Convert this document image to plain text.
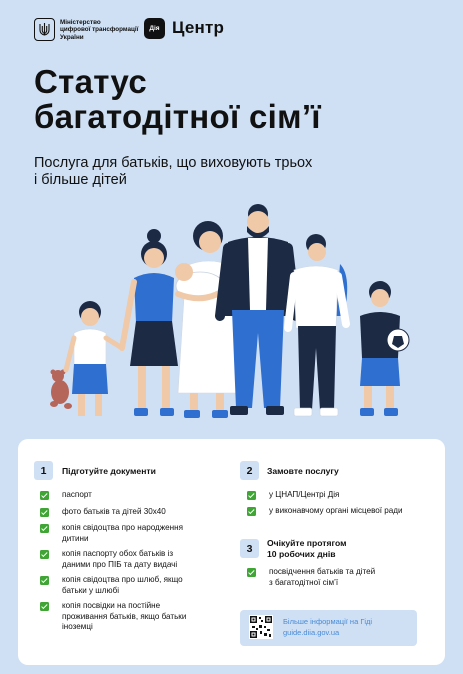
Міністерство
цифрової трансформації
України
Дія Центр
Статус
багатодітної сім’ї
Послуга для батьків, що виховують трьох
і більше дітей
1	Підготуйте документи
паспорт
фото батьків та дітей 30х40
копія свідоцтва про народження
дитини
копія паспорту обох батьків із
даними про ПІБ та дату видачі
копія свідоцтва про шлюб, якщо
батьки у шлюбі
копія посвідки на постійне
проживання батьків, якщо батьки
іноземці
2	Замовте послугу
у ЦНАП/Центрі Дія
у виконавчому органі місцевої ради
3	Очікуйте протягом
10 робочих днів
посвідчення батьків та дітей
з багатодітної сім’ї
Більше інформації на Гіді
guide.diia.gov.ua
